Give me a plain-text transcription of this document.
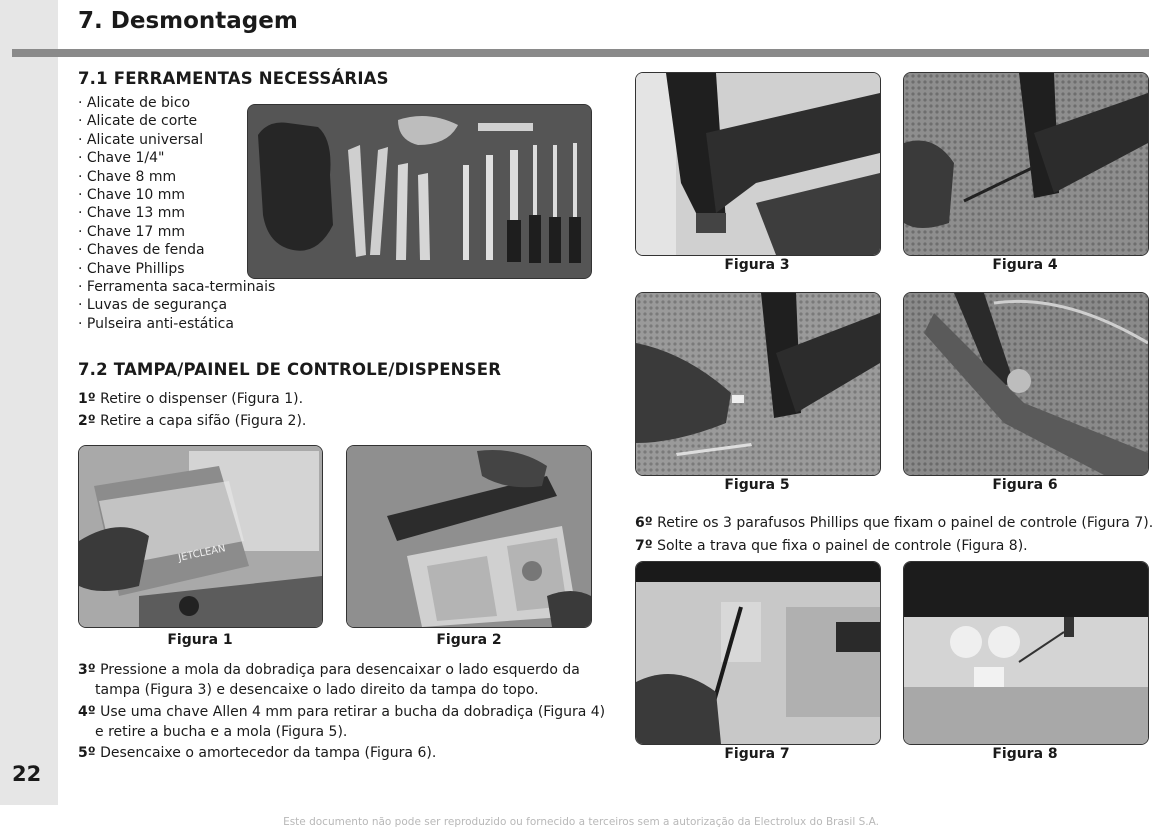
22
7. Desmontagem
7.1 FERRAMENTAS NECESSÁRIAS
· Alicate de bico
· Alicate de corte
· Alicate universal
· Chave 1/4"
· Chave 8 mm
· Chave 10 mm
· Chave 13 mm
· Chave 17 mm
· Chaves de fenda
· Chave Phillips
· Ferramenta saca-terminais
· Luvas de segurança
· Pulseira anti-estática
7.2 TAMPA/PAINEL DE CONTROLE/DISPENSER

1º Retire o dispenser (Figura 1).

2º Retire a capa sifão (Figura 2).

JETCLEAN
Figura 1	Figura 2

3º Pressione a mola da dobradiça para desencaixar o lado esquerdo da tampa (Figura 3) e desencaixe o lado direito da tampa do topo.

4º Use uma chave Allen 4 mm para retirar a bucha da dobradiça (Figura 4) e retire a bucha e a mola (Figura 5).

5º Desencaixe o amortecedor da tampa (Figura 6).

Figura 3	Figura 4
Figura 5	Figura 6

6º Retire os 3 parafusos Phillips que fixam o painel de controle (Figura 7).

7º Solte a trava que fixa o painel de controle (Figura 8).

Figura 7	Figura 8
Este documento não pode ser reproduzido ou fornecido a terceiros sem a autorização da Electrolux do Brasil S.A.
